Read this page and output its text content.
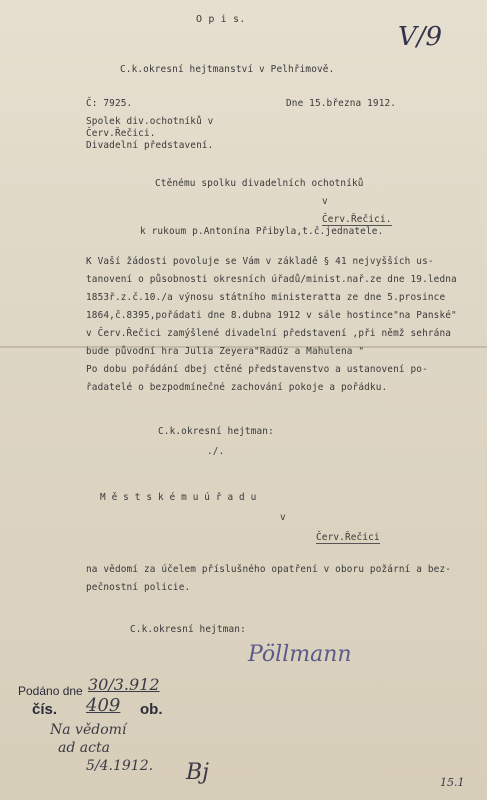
O p i s.
V/9
C.k.okresní hejtmanství v Pelhřimově.
Č: 7925.	Dne 15.března 1912.
Spolek div.ochotníků v
Červ.Řečici.
Divadelní představení.
Ctěnému spolku divadelních ochotníků
v
Červ.Řečici.
k rukoum p.Antonína Přibyla,t.č.jednatele.
K Vaší žádosti povoluje se Vám v základě § 41 nejvyšších us-
tanovení o působnosti okresních úřadů/minist.nař.ze dne 19.ledna
1853ř.z.č.10./a výnosu státního ministeratta ze dne 5.prosince
1864,č.8395,pořádati dne 8.dubna 1912 v sále hostince"na Panské"
v Červ.Řečici zamýšlené divadelní představení ,při němž sehrána
bude původní hra Julia Zeyera"Radúz a Mahulena "
Po dobu pořádání dbej ctěné představenstvo a ustanovení po-
řadatelé o bezpodmínečné zachování pokoje a pořádku.
C.k.okresní hejtman:
./.
M ě s t s k é m u ú ř a d u
v
Červ.Řečici
na vědomí za účelem příslušného opatření v oboru požární a bez-
pečnostní policie.
C.k.okresní hejtman:
Pöllmann
Podáno dne 30/3.912
čís. 409 ob.
Na vědomí
ad acta
5/4.1912. Bj	15.1
